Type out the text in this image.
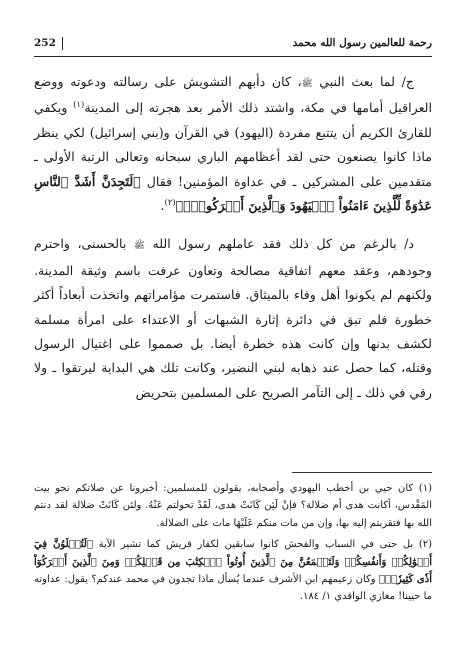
252	رحمة للعالمين رسول الله محمد

ج/ لما بعث النبي ﷺ، كان دأبهم التشويش على رسالته ودعوته ووضع العراقيل أمامها في مكة، واشتد ذلك الأمر بعد هجرته إلى المدينة$^{(١)}$ ويكفي للقارئ الكريم أن يتتبع مفردة (اليهود) في القرآن و(بني إسرائيل) لكي ينظر ماذا كانوا يصنعون حتى لقد أعظامهم الباري سبحانه وتعالى الرتبة الأولى ـ متقدمين على المشركين ـ في عداوة المؤمنين! فقال ﴿لَتَجِدَنَّ أَشَدَّ ٱلنَّاسِ عَدَٰوَةً لِّلَّذِينَ ءَامَنُواْ ٱلۡيَهُودَ وَٱلَّذِينَ أَشۡرَكُواْۖ﴾$^{(٢)}$.

د/ بالرغم من كل ذلك فقد عاملهم رسول الله ﷺ بالحسنى، واحترم وجودهم، وعقد معهم اتفاقية مصالحة وتعاون عرفت باسم وثيقة المدينة. ولكنهم لم يكونوا أهل وفاء بالميثاق. فاستمرت مؤامراتهم واتخذت أبعاداً أكثر خطورة فلم تبق في دائرة إثارة الشبهات أو الاعتداء على امرأة مسلمة لكشف بدنها وإن كانت هذه خطرة أيضا. بل صمموا على اغتيال الرسول وقتله، كما حصل عند ذهابه لبني النضير، وكانت تلك هي البداية ليرتقوا ـ ولا رقي في ذلك ـ إلى التآمر الصريح على المسلمين بتحريض

(١) كان حيي بن أخطب اليهودي وأصحابه، يقولون للمسلمين: أخبرونا عن صلاتكم نحو بيت المَقْدس، أكانت هدى أم ضلالة؟ فإنْ لَئِن كَانَتْ هدى، لَقَدْ تحولتم عَنْهُ. ولئن كَانَتْ ضلالة لقد دنتم الله بها فتقربتم إليه بها، وإن من مات منكم عَلَيْهَا مات على الضلالة.

(٢) بل حتى في السباب والفحش كانوا سابقين لكفار قريش كما تشير الآية ﴿لَتُبۡلَوُنَّ فِيٓ أَمۡوَٰلِكُمۡ وَأَنفُسِكُمۡ وَلَتَسۡمَعُنَّ مِنَ ٱلَّذِينَ أُوتُواْ ٱلۡكِتَٰبَ مِن قَبۡلِكُمۡ وَمِنَ ٱلَّذِينَ أَشۡرَكُوٓاْ أَذٗى كَثِيرٗاۚ﴾ وكان زعيمهم ابن الأشرف عندما يُسأل ماذا تجدون في محمد عندكم؟ يقول: عداوته ما حيينا! مغازي الواقدي ١/ ١٨٤.
